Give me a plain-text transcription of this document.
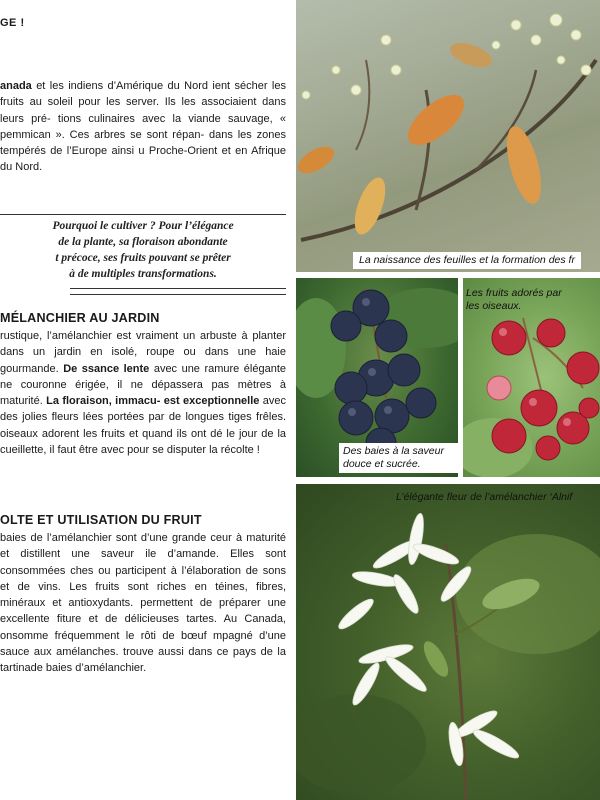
GE !

anada et les indiens d’Amérique du Nord ient sécher les fruits au soleil pour les server. Ils les associaient dans leurs pré- tions culinaires avec la viande sauvage, « pemmican ». Ces arbres se sont répan- dans les zones tempérés de l’Europe ainsi u Proche-Orient et en Afrique du Nord.

Pourquoi le cultiver ? Pour l’élégance
de la plante, sa floraison abondante
t précoce, ses fruits pouvant se prêter
à de multiples transformations.
MÉLANCHIER AU JARDIN

rustique, l’amélanchier est vraiment un arbuste à planter dans un jardin en isolé, roupe ou dans une haie gourmande. De ssance lente avec une ramure élégante ne couronne érigée, il ne dépassera pas mètres à maturité. La floraison, immacu- est exceptionnelle avec des jolies fleurs lées portées par de longues tiges frêles. oiseaux adorent les fruits et quand ils ont dé le jour de la cueillette, il faut être avec pour se disputer la récolte !

OLTE ET UTILISATION DU FRUIT

baies de l’amélanchier sont d’une grande ceur à maturité et distillent une saveur ile d’amande. Elles sont consommées ches ou participent à l’élaboration de sons et de vins. Les fruits sont riches en téines, fibres, minéraux et antioxydants. permettent de préparer une excellente fiture et de délicieuses tartes. Au Canada, onsomme fréquemment le rôti de bœuf mpagné d’une sauce aux amélanches. trouve aussi dans ce pays de la tartinade baies d’amélanchier.

La naissance des feuilles et la formation des fr
Des baies à la saveur douce et sucrée.
Les fruits adorés par les oiseaux.
L’élégante fleur de l’amélanchier ‘Alnif
